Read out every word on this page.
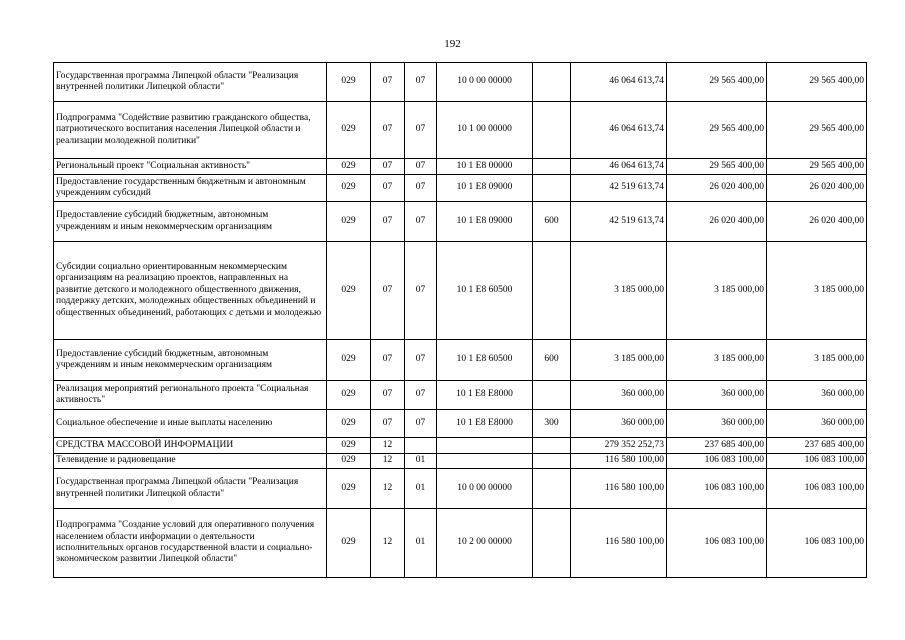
192
Государственная программа Липецкой области "Реализация внутренней политики Липецкой области"	029	07	07	10 0 00 00000		46 064 613,74	29 565 400,00	29 565 400,00
Подпрограмма "Содействие развитию гражданского общества, патриотического воспитания населения Липецкой области и реализации молодежной политики"	029	07	07	10 1 00 00000		46 064 613,74	29 565 400,00	29 565 400,00
Региональный проект "Социальная активность"	029	07	07	10 1 E8 00000		46 064 613,74	29 565 400,00	29 565 400,00
Предоставление государственным бюджетным и автономным учреждениям субсидий	029	07	07	10 1 E8 09000		42 519 613,74	26 020 400,00	26 020 400,00
Предоставление субсидий бюджетным, автономным учреждениям и иным некоммерческим организациям	029	07	07	10 1 E8 09000	600	42 519 613,74	26 020 400,00	26 020 400,00
Субсидии социально ориентированным некоммерческим организациям на реализацию проектов, направленных на развитие детского и молодежного общественного движения, поддержку детских, молодежных общественных объединений и общественных объединений, работающих с детьми и молодежью	029	07	07	10 1 E8 60500		3 185 000,00	3 185 000,00	3 185 000,00
Предоставление субсидий бюджетным, автономным учреждениям и иным некоммерческим организациям	029	07	07	10 1 E8 60500	600	3 185 000,00	3 185 000,00	3 185 000,00
Реализация мероприятий регионального проекта "Социальная активность"	029	07	07	10 1 E8 E8000		360 000,00	360 000,00	360 000,00
Социальное обеспечение и иные выплаты населению	029	07	07	10 1 E8 E8000	300	360 000,00	360 000,00	360 000,00
СРЕДСТВА МАССОВОЙ ИНФОРМАЦИИ	029	12				279 352 252,73	237 685 400,00	237 685 400,00
Телевидение и радиовещание	029	12	01			116 580 100,00	106 083 100,00	106 083 100,00
Государственная программа Липецкой области "Реализация внутренней политики Липецкой области"	029	12	01	10 0 00 00000		116 580 100,00	106 083 100,00	106 083 100,00
Подпрограмма "Создание условий для оперативного получения населением области информации о деятельности исполнительных органов государственной власти и социально-экономическом развитии Липецкой области"	029	12	01	10 2 00 00000		116 580 100,00	106 083 100,00	106 083 100,00
